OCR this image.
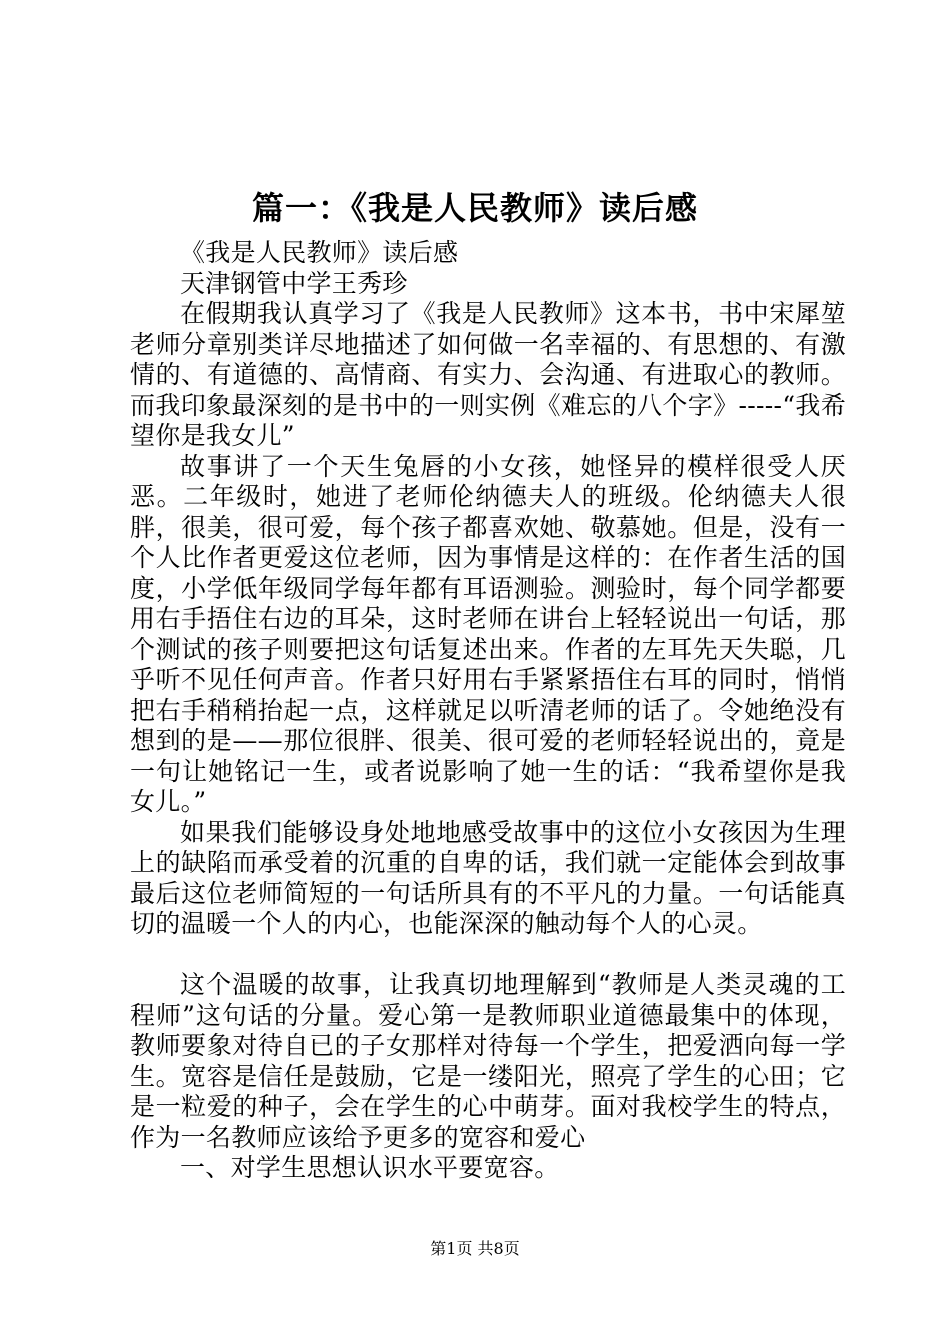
篇一：《我是人民教师》读后感

《我是人民教师》读后感

天津钢管中学王秀珍

在假期我认真学习了《我是人民教师》这本书，书中宋犀堃老师分章别类详尽地描述了如何做一名幸福的、有思想的、有激情的、有道德的、高情商、有实力、会沟通、有进取心的教师。而我印象最深刻的是书中的一则实例《难忘的八个字》-----“我希望你是我女儿”

故事讲了一个天生兔唇的小女孩，她怪异的模样很受人厌恶。二年级时，她进了老师伦纳德夫人的班级。伦纳德夫人很胖，很美，很可爱，每个孩子都喜欢她、敬慕她。但是，没有一个人比作者更爱这位老师，因为事情是这样的：在作者生活的国度，小学低年级同学每年都有耳语测验。测验时，每个同学都要用右手捂住右边的耳朵，这时老师在讲台上轻轻说出一句话，那个测试的孩子则要把这句话复述出来。作者的左耳先天失聪，几乎听不见任何声音。作者只好用右手紧紧捂住右耳的同时，悄悄把右手稍稍抬起一点，这样就足以听清老师的话了。令她绝没有想到的是——那位很胖、很美、很可爱的老师轻轻说出的，竟是一句让她铭记一生，或者说影响了她一生的话：“我希望你是我女儿。”

如果我们能够设身处地地感受故事中的这位小女孩因为生理上的缺陷而承受着的沉重的自卑的话，我们就一定能体会到故事最后这位老师简短的一句话所具有的不平凡的力量。一句话能真切的温暖一个人的内心，也能深深的触动每个人的心灵。

这个温暖的故事，让我真切地理解到“教师是人类灵魂的工程师”这句话的分量。爱心第一是教师职业道德最集中的体现，教师要象对待自已的子女那样对待每一个学生，把爱洒向每一学生。宽容是信任是鼓励，它是一缕阳光，照亮了学生的心田；它是一粒爱的种子，会在学生的心中萌芽。面对我校学生的特点，作为一名教师应该给予更多的宽容和爱心

一、对学生思想认识水平要宽容。

第1页 共8页
